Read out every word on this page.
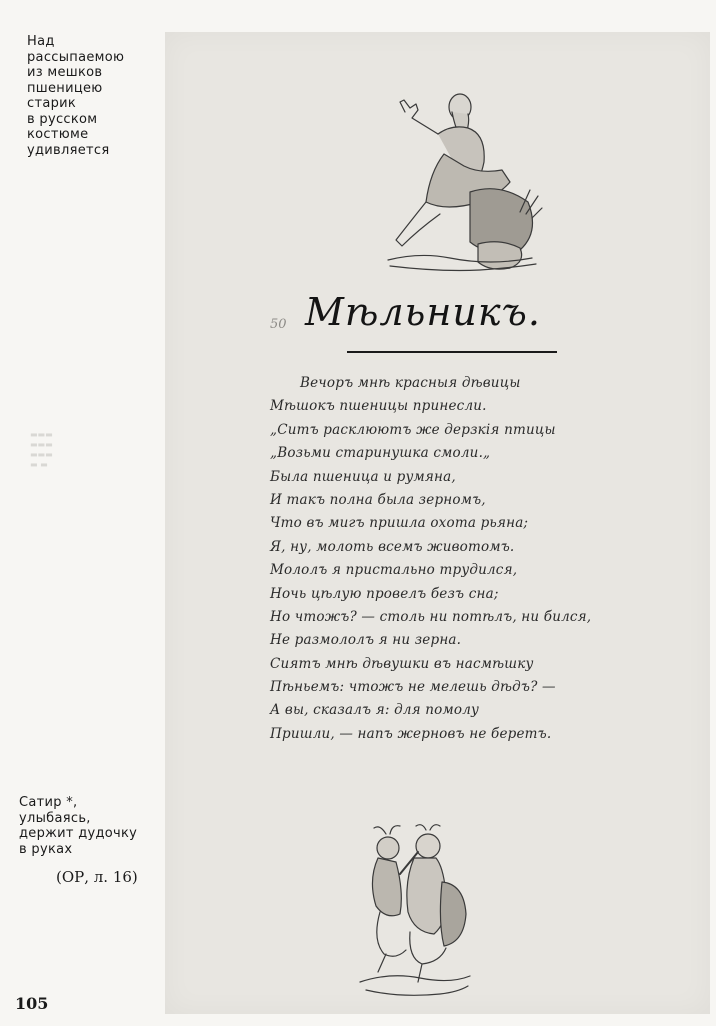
Над
рассыпаемою
из мешков
пшеницею
старик
в русском
костюме
удивляется
▬▬▬
▬▬▬
▬▬▬
▬ ▬
Сатир *,
улыбаясь,
держит дудочку
в руках
(ОР, л. 16)
105
50 Мѣльникъ.
Вечоръ мнѣ красныя дѣвицы
Мѣшокъ пшеницы принесли.
„Ситъ расклюютъ же дерзкія птицы
„Возьми старинушка смоли.„
Была пшеница и румяна,
И такъ полна была зерномъ,
Что въ мигъ пришла охота рьяна;
Я, ну, молоть всемъ животомъ.
Мололъ я пристально трудился,
Ночь цѣлую провелъ безъ сна;
Но чтожъ? — столь ни потѣлъ, ни бился,
Не размололъ я ни зерна.
Сиятъ мнѣ дѣвушки въ насмѣшку
Пѣньемъ: чтожъ не мелешь дѣдъ? —
А вы, сказалъ я: для помолу
Пришли, — напъ жерновъ не беретъ.
